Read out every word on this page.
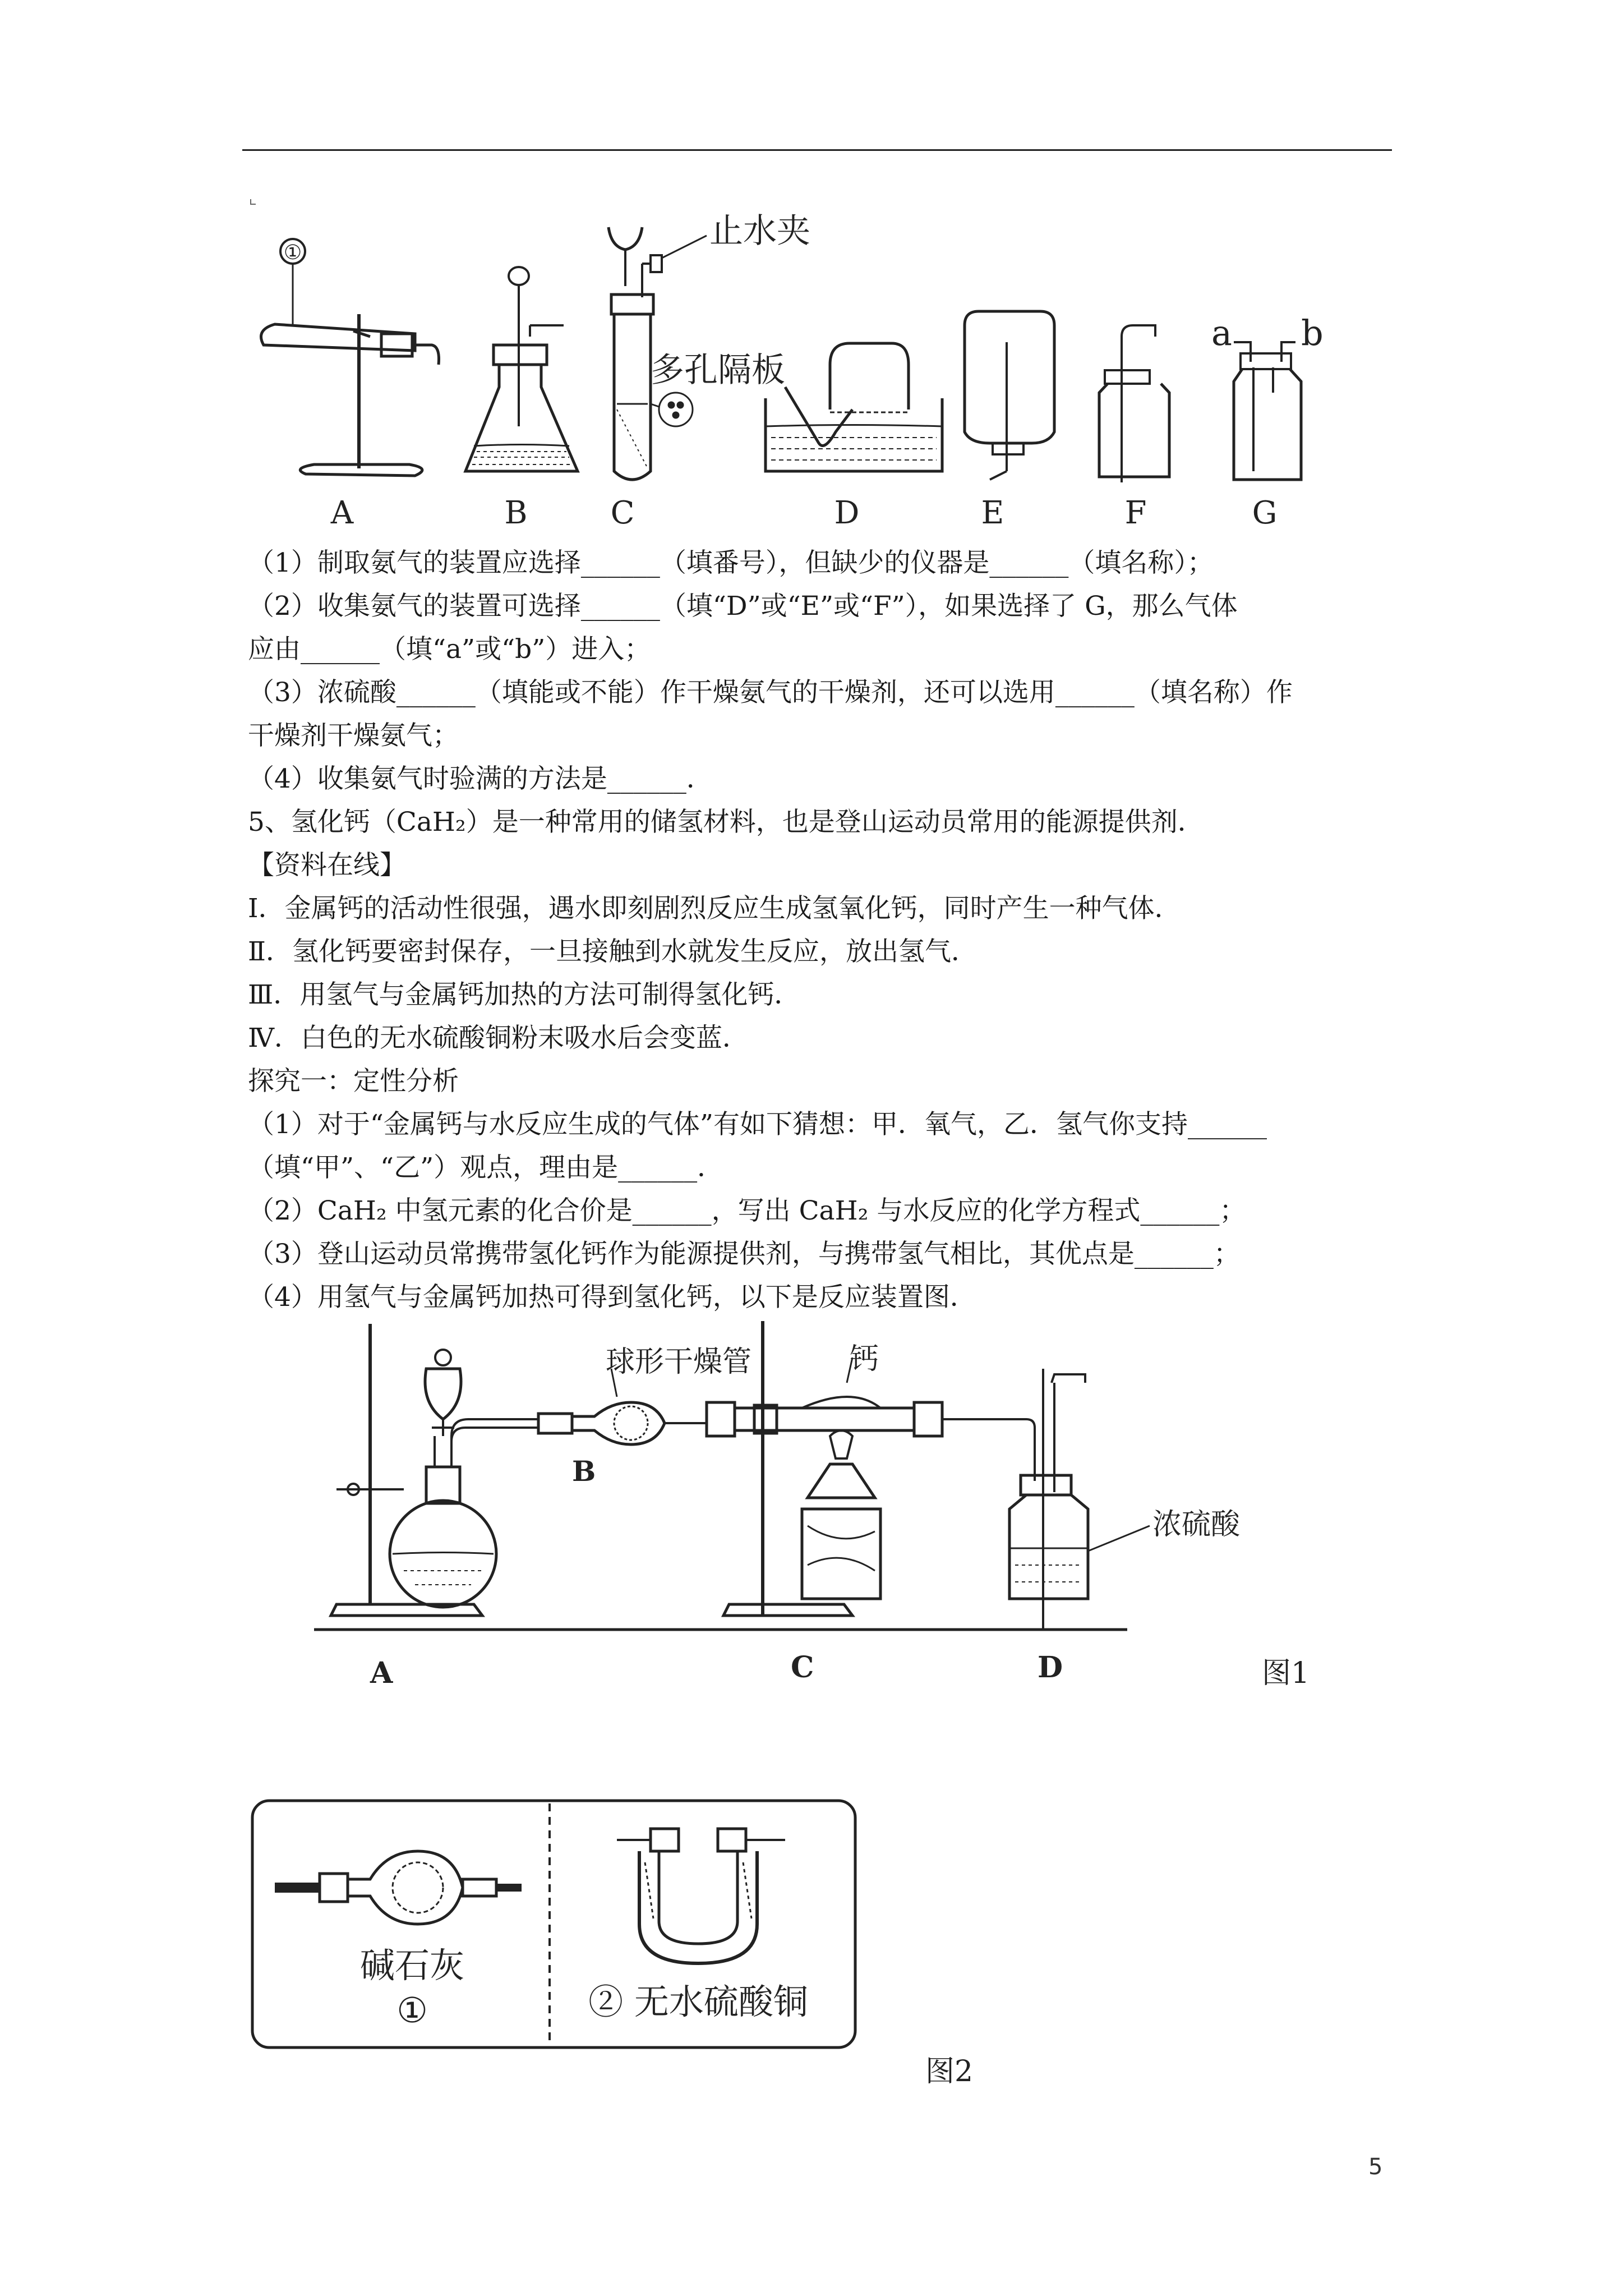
①
止水夹
多孔隔板
a b
A	B	C	D	E	F	G
（1）制取氨气的装置应选择______（填番号），但缺少的仪器是______（填名称）；
（2）收集氨气的装置可选择______（填“D”或“E”或“F”），如果选择了 G，那么气体
应由______（填“a”或“b”）进入；
（3）浓硫酸______（填能或不能）作干燥氨气的干燥剂，还可以选用______（填名称）作
干燥剂干燥氨气；
（4）收集氨气时验满的方法是______．
5、氢化钙（CaH₂）是一种常用的储氢材料，也是登山运动员常用的能源提供剂．
【资料在线】
Ⅰ．金属钙的活动性很强，遇水即刻剧烈反应生成氢氧化钙，同时产生一种气体．
Ⅱ．氢化钙要密封保存，一旦接触到水就发生反应，放出氢气．
Ⅲ．用氢气与金属钙加热的方法可制得氢化钙．
Ⅳ．白色的无水硫酸铜粉末吸水后会变蓝．
探究一：定性分析
（1）对于“金属钙与水反应生成的气体”有如下猜想：甲．氧气，乙．氢气你支持______
（填“甲”、“乙”）观点，理由是______．
（2）CaH₂ 中氢元素的化合价是______，写出 CaH₂ 与水反应的化学方程式______；
（3）登山运动员常携带氢化钙作为能源提供剂，与携带氢气相比，其优点是______；
（4）用氢气与金属钙加热可得到氢化钙，以下是反应装置图．
球形干燥管
B
钙
C
浓硫酸
D
A	图1
碱石灰
①	② 无水硫酸铜
图2
5
